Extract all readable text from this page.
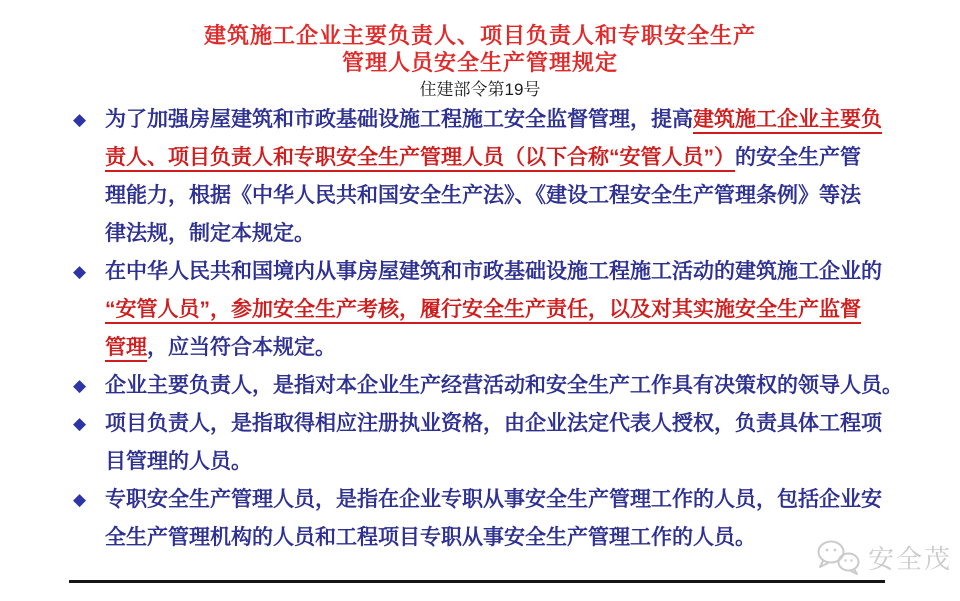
建筑施工企业主要负责人、项目负责人和专职安全生产
管理人员安全生产管理规定
住建部令第19号
◆ 为了加强房屋建筑和市政基础设施工程施工安全监督管理，提高建筑施工企业主要负
责人、项目负责人和专职安全生产管理人员（以下合称“安管人员”）的安全生产管
理能力，根据《中华人民共和国安全生产法》、《建设工程安全生产管理条例》等法
律法规，制定本规定。
◆ 在中华人民共和国境内从事房屋建筑和市政基础设施工程施工活动的建筑施工企业的
“安管人员”，参加安全生产考核，履行安全生产责任，以及对其实施安全生产监督
管理，应当符合本规定。
◆ 企业主要负责人，是指对本企业生产经营活动和安全生产工作具有决策权的领导人员。
◆ 项目负责人，是指取得相应注册执业资格，由企业法定代表人授权，负责具体工程项
目管理的人员。
◆ 专职安全生产管理人员，是指在企业专职从事安全生产管理工作的人员，包括企业安
全生产管理机构的人员和工程项目专职从事安全生产管理工作的人员。
安全茂
